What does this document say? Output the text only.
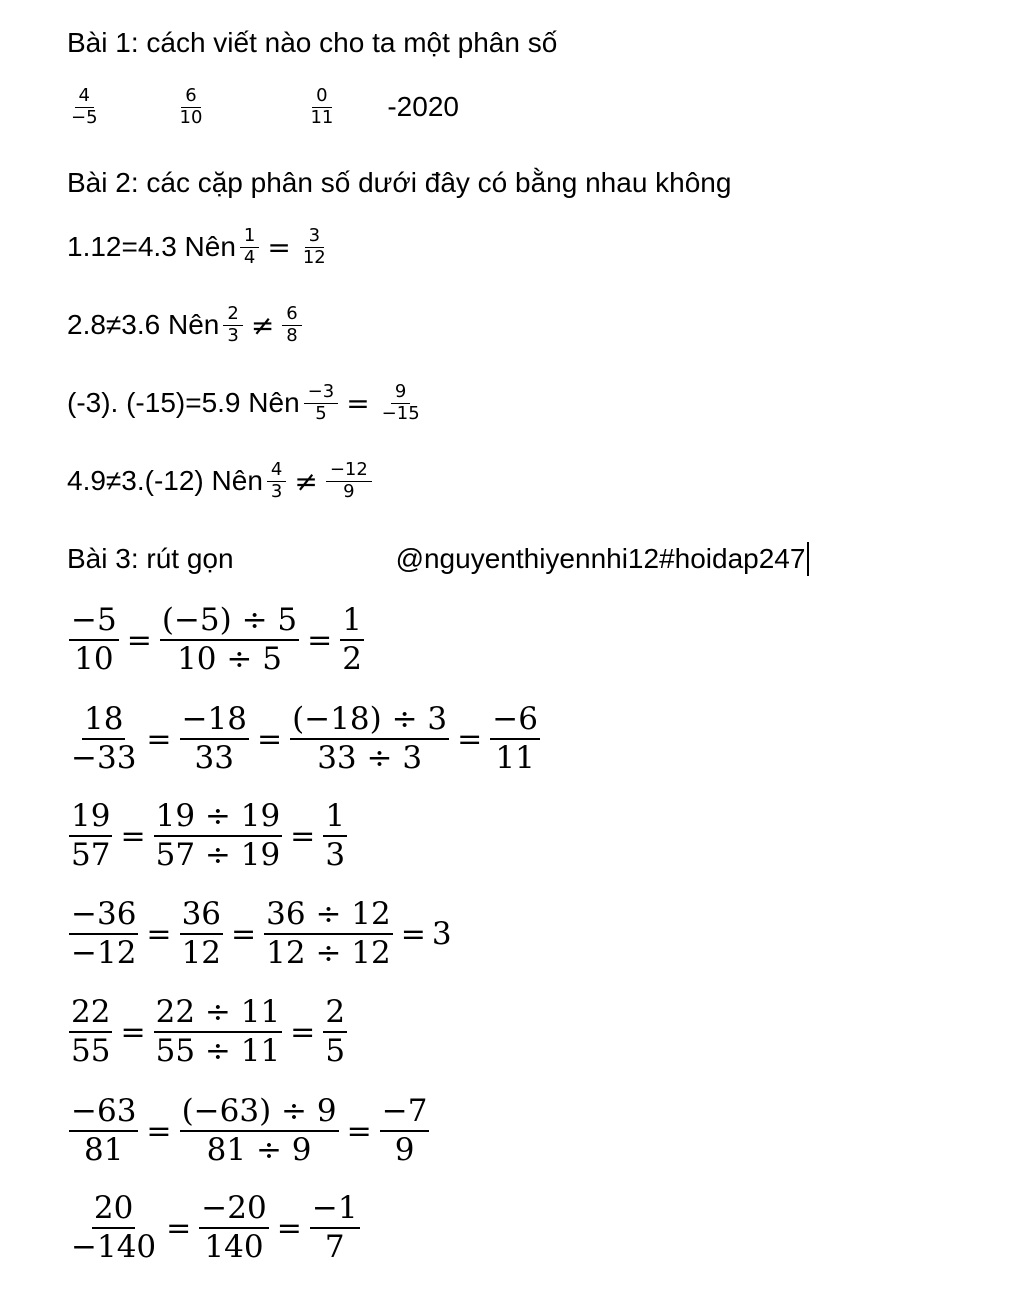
Bài 1: cách viết nào cho ta một phân số
$\frac{4}{-5}$	$\frac{6}{10}$	$\frac{0}{11} -2020$
Bài 2: các cặp phân số dưới đây có bằng nhau không
1.12=4.3 Nên $\frac{1}{4} = \frac{3}{12}$
2.8≠3.6 Nên $\frac{2}{3} \ne \frac{6}{8}$
(-3). (-15)=5.9 Nên $\frac{-3}{5} = \frac{9}{-15}$
4.9≠3.(-12) Nên $\frac{4}{3} \ne \frac{-12}{9}$
Bài 3: rút gọn	@nguyenthiyennhi12#hoidap247
$\frac{-5}{10} = \frac{(-5) \div 5}{10 \div 5} = \frac{1}{2}$
$\frac{18}{-33} = \frac{-18}{33} = \frac{(-18) \div 3}{33 \div 3} = \frac{-6}{11}$
$\frac{19}{57} = \frac{19 \div 19}{57 \div 19} = \frac{1}{3}$
$\frac{-36}{-12} = \frac{36}{12} = \frac{36 \div 12}{12 \div 12} = 3$
$\frac{22}{55} = \frac{22 \div 11}{55 \div 11} = \frac{2}{5}$
$\frac{-63}{81} = \frac{(-63) \div 9}{81 \div 9} = \frac{-7}{9}$
$\frac{20}{-140} = \frac{-20}{140} = \frac{-1}{7}$
